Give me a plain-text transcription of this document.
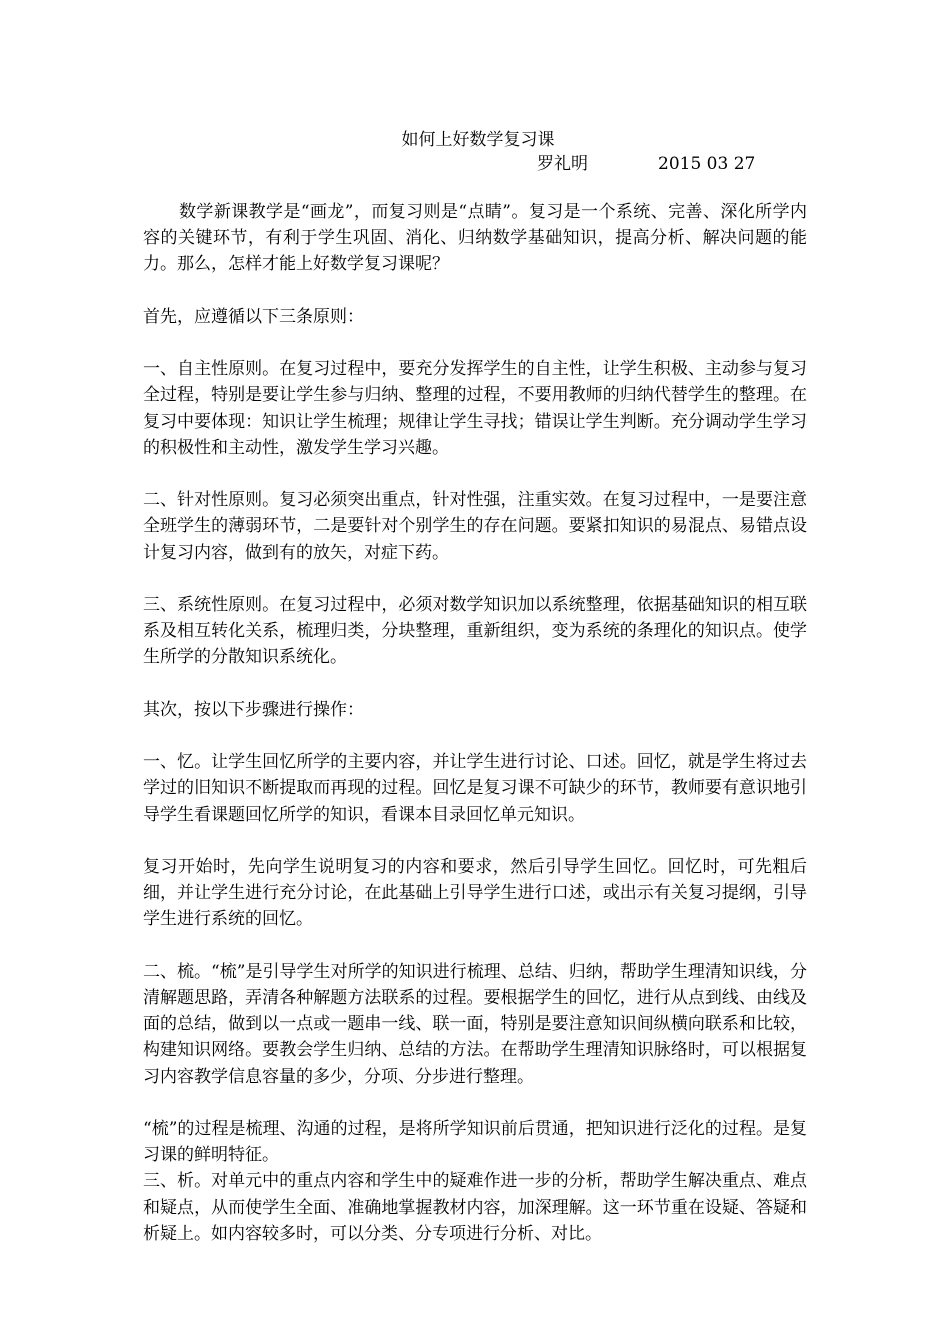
如何上好数学复习课
罗礼明	2015 03 27

数学新课教学是“画龙”，而复习则是“点睛”。复习是一个系统、完善、深化所学内容的关键环节，有利于学生巩固、消化、归纳数学基础知识，提高分析、解决问题的能力。那么，怎样才能上好数学复习课呢？

首先，应遵循以下三条原则：

一、自主性原则。在复习过程中，要充分发挥学生的自主性，让学生积极、主动参与复习全过程，特别是要让学生参与归纳、整理的过程，不要用教师的归纳代替学生的整理。在复习中要体现：知识让学生梳理；规律让学生寻找；错误让学生判断。充分调动学生学习的积极性和主动性，激发学生学习兴趣。

二、针对性原则。复习必须突出重点，针对性强，注重实效。在复习过程中，一是要注意全班学生的薄弱环节，二是要针对个别学生的存在问题。要紧扣知识的易混点、易错点设计复习内容，做到有的放矢，对症下药。

三、系统性原则。在复习过程中，必须对数学知识加以系统整理，依据基础知识的相互联系及相互转化关系，梳理归类，分块整理，重新组织，变为系统的条理化的知识点。使学生所学的分散知识系统化。

其次，按以下步骤进行操作：

一、忆。让学生回忆所学的主要内容，并让学生进行讨论、口述。回忆，就是学生将过去学过的旧知识不断提取而再现的过程。回忆是复习课不可缺少的环节，教师要有意识地引导学生看课题回忆所学的知识，看课本目录回忆单元知识。

复习开始时，先向学生说明复习的内容和要求，然后引导学生回忆。回忆时，可先粗后细，并让学生进行充分讨论，在此基础上引导学生进行口述，或出示有关复习提纲，引导学生进行系统的回忆。

二、梳。“梳”是引导学生对所学的知识进行梳理、总结、归纳，帮助学生理清知识线，分清解题思路，弄清各种解题方法联系的过程。要根据学生的回忆，进行从点到线、由线及面的总结，做到以一点或一题串一线、联一面，特别是要注意知识间纵横向联系和比较，构建知识网络。要教会学生归纳、总结的方法。在帮助学生理清知识脉络时，可以根据复习内容教学信息容量的多少，分项、分步进行整理。

“梳”的过程是梳理、沟通的过程，是将所学知识前后贯通，把知识进行泛化的过程。是复习课的鲜明特征。

三、析。对单元中的重点内容和学生中的疑难作进一步的分析，帮助学生解决重点、难点和疑点，从而使学生全面、准确地掌握教材内容，加深理解。这一环节重在设疑、答疑和析疑上。如内容较多时，可以分类、分专项进行分析、对比。
